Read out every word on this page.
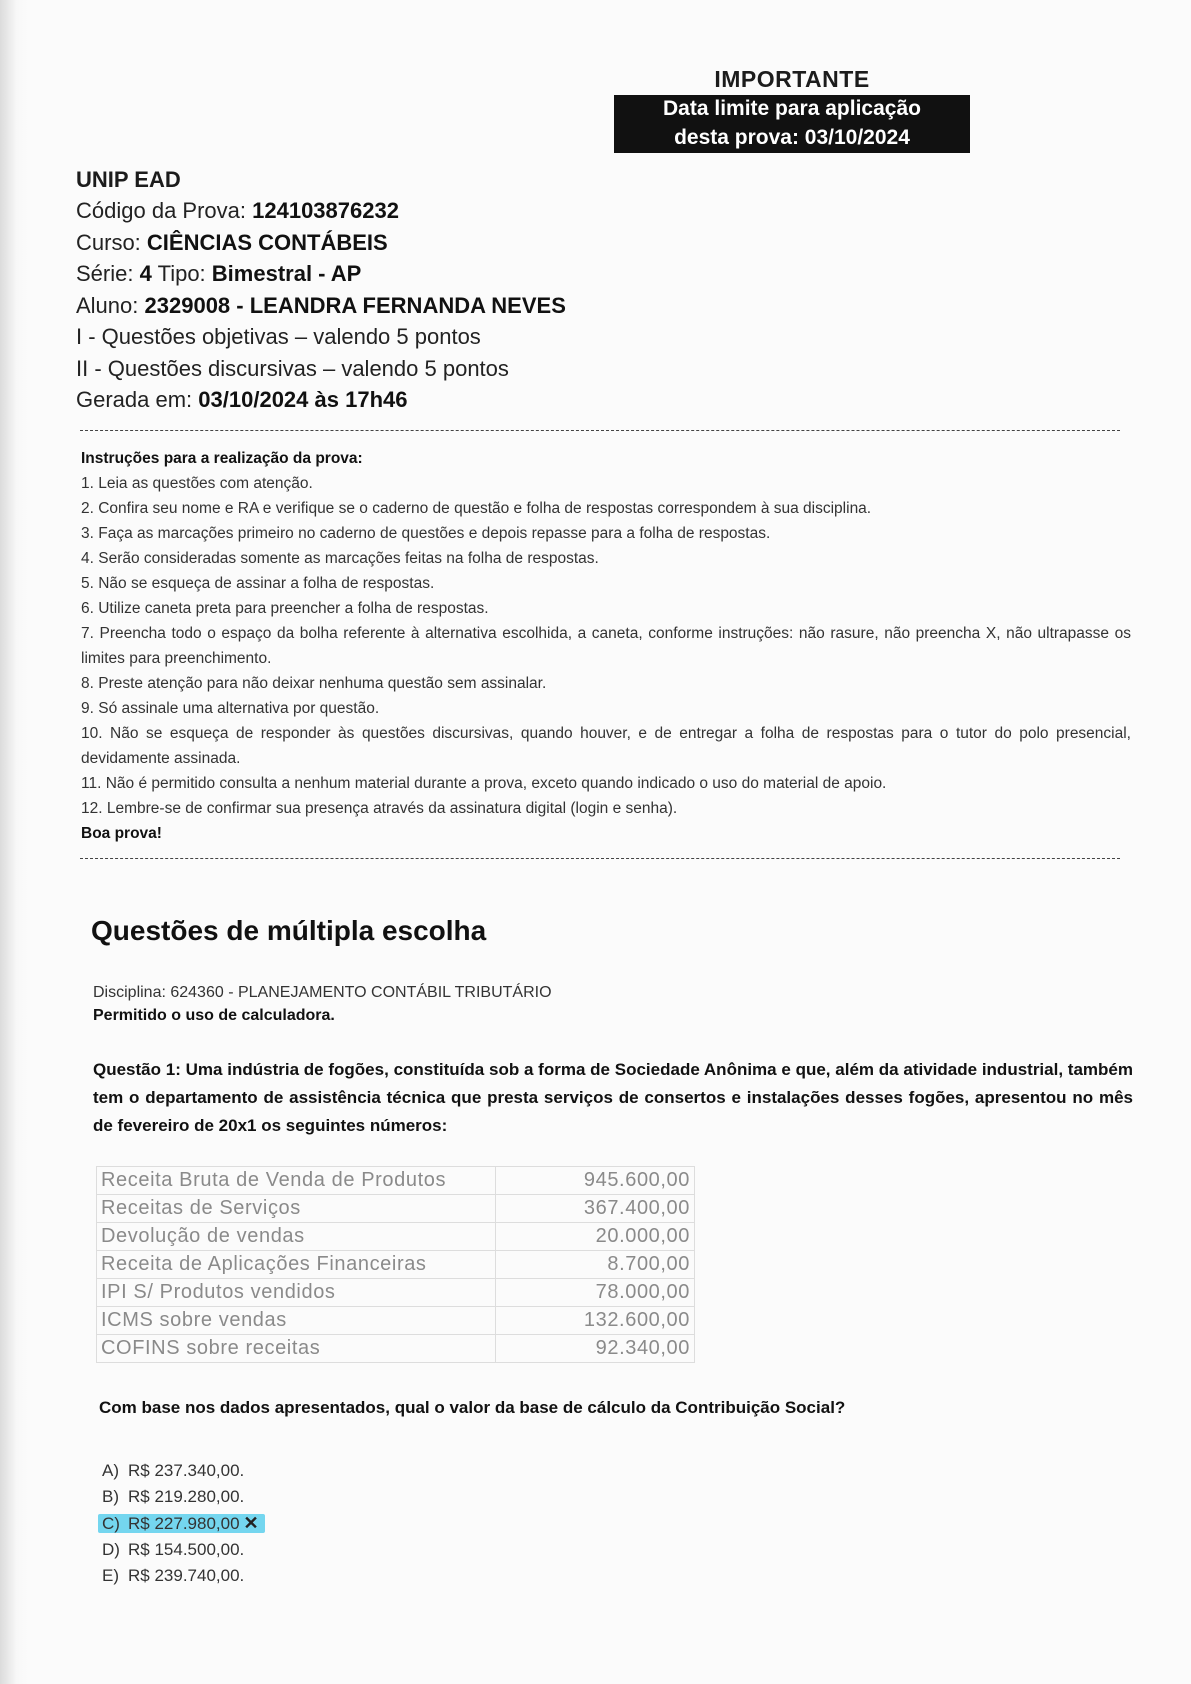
IMPORTANTE
Data limite para aplicação
desta prova: 03/10/2024
UNIP EAD
Código da Prova: 124103876232
Curso: CIÊNCIAS CONTÁBEIS
Série: 4 Tipo: Bimestral - AP
Aluno: 2329008 - LEANDRA FERNANDA NEVES
I - Questões objetivas – valendo 5 pontos
II - Questões discursivas – valendo 5 pontos
Gerada em: 03/10/2024 às 17h46
Instruções para a realização da prova:
1. Leia as questões com atenção.
2. Confira seu nome e RA e verifique se o caderno de questão e folha de respostas correspondem à sua disciplina.
3. Faça as marcações primeiro no caderno de questões e depois repasse para a folha de respostas.
4. Serão consideradas somente as marcações feitas na folha de respostas.
5. Não se esqueça de assinar a folha de respostas.
6. Utilize caneta preta para preencher a folha de respostas.
7. Preencha todo o espaço da bolha referente à alternativa escolhida, a caneta, conforme instruções: não rasure, não preencha X, não ultrapasse os limites para preenchimento.
8. Preste atenção para não deixar nenhuma questão sem assinalar.
9. Só assinale uma alternativa por questão.
10. Não se esqueça de responder às questões discursivas, quando houver, e de entregar a folha de respostas para o tutor do polo presencial, devidamente assinada.
11. Não é permitido consulta a nenhum material durante a prova, exceto quando indicado o uso do material de apoio.
12. Lembre-se de confirmar sua presença através da assinatura digital (login e senha).
Boa prova!
Questões de múltipla escolha
Disciplina: 624360 - PLANEJAMENTO CONTÁBIL TRIBUTÁRIO
Permitido o uso de calculadora.
Questão 1: Uma indústria de fogões, constituída sob a forma de Sociedade Anônima e que, além da atividade industrial, também tem o departamento de assistência técnica que presta serviços de consertos e instalações desses fogões, apresentou no mês de fevereiro de 20x1 os seguintes números:
Receita Bruta de Venda de Produtos	945.600,00
Receitas de Serviços	367.400,00
Devolução de vendas	20.000,00
Receita de Aplicações Financeiras	8.700,00
IPI S/ Produtos vendidos	78.000,00
ICMS sobre vendas	132.600,00
COFINS sobre receitas	92.340,00
Com base nos dados apresentados, qual o valor da base de cálculo da Contribuição Social?
A) R$ 237.340,00.
B) R$ 219.280,00.
C) R$ 227.980,00 ✕
D) R$ 154.500,00.
E) R$ 239.740,00.
